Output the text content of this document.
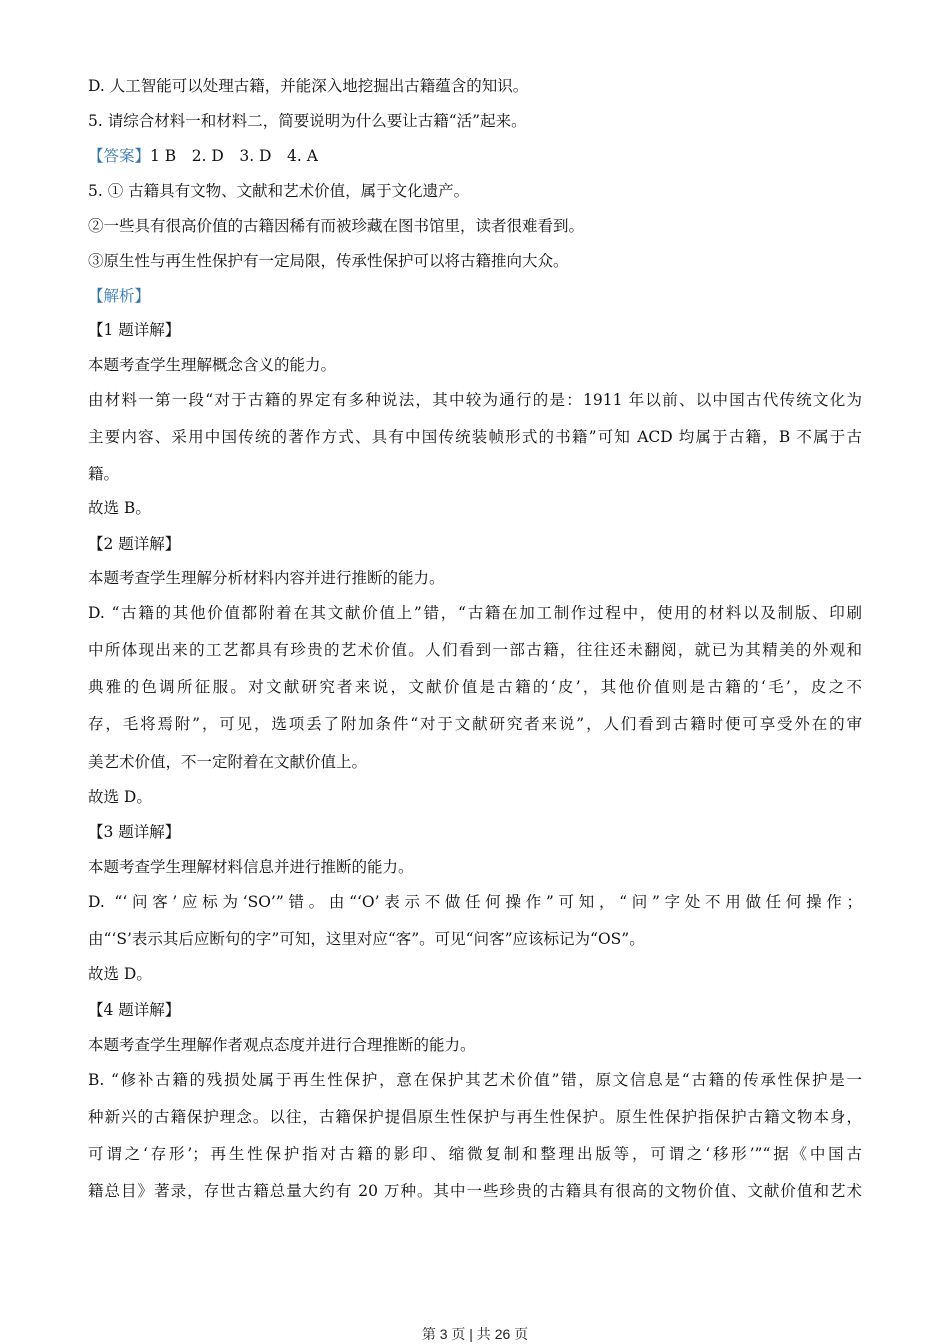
D. 人工智能可以处理古籍，并能深入地挖掘出古籍蕴含的知识。
5. 请综合材料一和材料二，简要说明为什么要让古籍“活”起来。
【答案】1 B　2. D　3. D　4. A
5. ① 古籍具有文物、文献和艺术价值，属于文化遗产。
②一些具有很高价值的古籍因稀有而被珍藏在图书馆里，读者很难看到。
③原生性与再生性保护有一定局限，传承性保护可以将古籍推向大众。
【解析】
【1 题详解】
本题考查学生理解概念含义的能力。
由材料一第一段“对于古籍的界定有多种说法，其中较为通行的是：1911 年以前、以中国古代传统文化为
主要内容、采用中国传统的著作方式、具有中国传统装帧形式的书籍”可知 ACD 均属于古籍，B 不属于古
籍。
故选 B。
【2 题详解】
本题考查学生理解分析材料内容并进行推断的能力。
D. “古籍的其他价值都附着在其文献价值上”错，“古籍在加工制作过程中，使用的材料以及制版、印刷
中所体现出来的工艺都具有珍贵的艺术价值。人们看到一部古籍，往往还未翻阅，就已为其精美的外观和
典雅的色调所征服。对文献研究者来说，文献价值是古籍的‘皮’，其他价值则是古籍的‘毛’，皮之不
存，毛将焉附”，可见，选项丢了附加条件“对于文献研究者来说”，人们看到古籍时便可享受外在的审
美艺术价值，不一定附着在文献价值上。
故选 D。
【3 题详解】
本题考查学生理解材料信息并进行推断的能力。
D. “‘问客’应标为‘SO’”错。由“‘O’表示不做任何操作”可知，“问”字处不用做任何操作；
由“‘S’表示其后应断句的字”可知，这里对应“客”。可见“问客”应该标记为“OS”。
故选 D。
【4 题详解】
本题考查学生理解作者观点态度并进行合理推断的能力。
B. “修补古籍的残损处属于再生性保护，意在保护其艺术价值”错，原文信息是“古籍的传承性保护是一
种新兴的古籍保护理念。以往，古籍保护提倡原生性保护与再生性保护。原生性保护指保护古籍文物本身，
可谓之‘存形’；再生性保护指对古籍的影印、缩微复制和整理出版等，可谓之‘移形’”“据《中国古
籍总目》著录，存世古籍总量大约有 20 万种。其中一些珍贵的古籍具有很高的文物价值、文献价值和艺术
第 3 页 | 共 26 页
